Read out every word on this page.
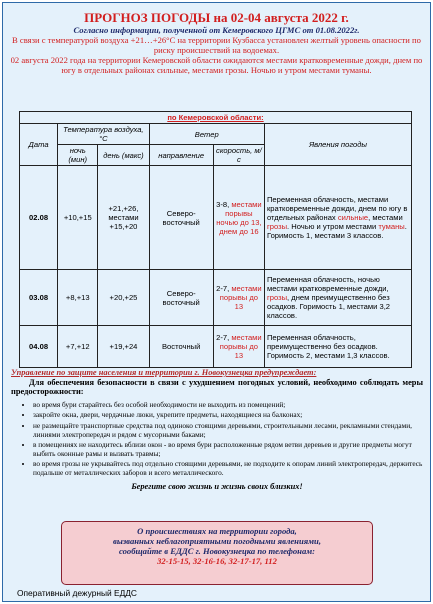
ПРОГНОЗ ПОГОДЫ на 02-04 августа 2022 г.
Согласно информации, полученной от Кемеровского ЦГМС от 01.08.2022г.
В связи с температурой воздуха +21…+26°С на территории Кузбасса установлен желтый уровень опасности по риску происшествий на водоемах.
02 августа 2022 года на территории Кемеровской области ожидаются местами кратковременные дожди, днем по югу в отдельных районах сильные, местами грозы. Ночью и утром местами туманы.
по Кемеровской области:					
Дата	Температура воздуха, °С		Ветер		Явления погоды
	ночь (мин)	день (макс)	направление	скорость, м/с	
02.08	+10,+15	+21,+26, местами +15,+20	Северо-восточный	3-8, местами порывы ночью до 13, днем до 16	Переменная облачность, местами кратковременные дожди, днем по югу в отдельных районах сильные, местами грозы. Ночью и утром местами туманы. Горимость 1, местами 3 классов.
03.08	+8,+13	+20,+25	Северо-восточный	2-7, местами порывы до 13	Переменная облачность, ночью местами кратковременные дожди, грозы, днем преимущественно без осадков. Горимость 1, местами 3,2 классов.
04.08	+7,+12	+19,+24	Восточный	2-7, местами порывы до 13	Переменная облачность, преимущественно без осадков. Горимость 2, местами 1,3 классов.
Управление по защите населения и территории г. Новокузнецка предупреждает:
Для обеспечения безопасности в связи с ухудшением погодных условий, необходимо соблюдать меры предосторожности:
• во время бури старайтесь без особой необходимости не выходить из помещений;
• закройте окна, двери, чердачные люки, укрепите предметы, находящиеся на балконах;
• не размещайте транспортные средства под одиноко стоящими деревьями, строительными лесами, рекламными стендами, линиями электропередач и рядом с мусорными баками;
• в помещениях не находитесь вблизи окон - во время бури расположенные рядом ветви деревьев и другие предметы могут выбить оконные рамы и вызвать травмы;
• во время грозы не укрывайтесь под отдельно стоящими деревьями, не подходите к опорам линий электропередач, держитесь подальше от металлических заборов и всего металлического.
Берегите свою жизнь и жизнь своих близких!
О происшествиях на территории города,
вызванных неблагоприятными погодными явлениями,
сообщайте в ЕДДС г. Новокузнецка по телефонам:
32-15-15, 32-16-16, 32-17-17, 112
Оперативный дежурный ЕДДС
